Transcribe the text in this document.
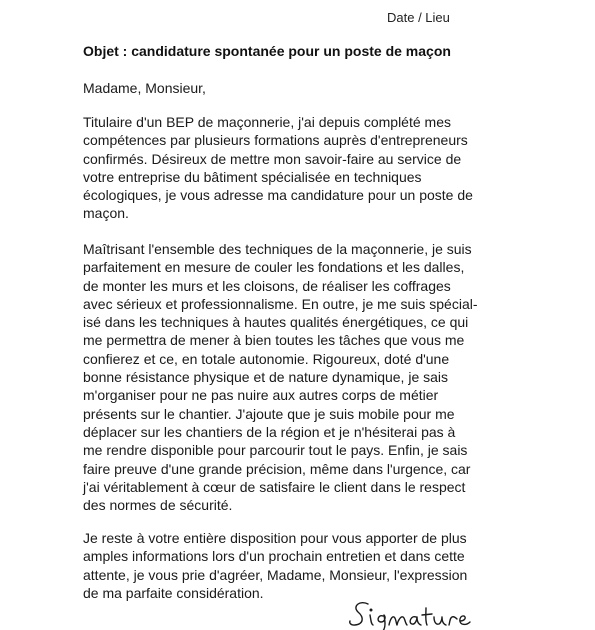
Date / Lieu
Objet : candidature spontanée pour un poste de maçon
Madame, Monsieur,

Titulaire d'un BEP de maçonnerie, j'ai depuis complété mes
compétences par plusieurs formations auprès d'entrepreneurs
confirmés. Désireux de mettre mon savoir-faire au service de
votre entreprise du bâtiment spécialisée en techniques
écologiques, je vous adresse ma candidature pour un poste de
maçon.

Maîtrisant l'ensemble des techniques de la maçonnerie, je suis
parfaitement en mesure de couler les fondations et les dalles,
de monter les murs et les cloisons, de réaliser les coffrages
avec sérieux et professionnalisme. En outre, je me suis spécial-
isé dans les techniques à hautes qualités énergétiques, ce qui
me permettra de mener à bien toutes les tâches que vous me
confierez et ce, en totale autonomie. Rigoureux, doté d'une
bonne résistance physique et de nature dynamique, je sais
m'organiser pour ne pas nuire aux autres corps de métier
présents sur le chantier. J'ajoute que je suis mobile pour me
déplacer sur les chantiers de la région et je n'hésiterai pas à
me rendre disponible pour parcourir tout le pays. Enfin, je sais
faire preuve d'une grande précision, même dans l'urgence, car
j'ai véritablement à cœur de satisfaire le client dans le respect
des normes de sécurité.

Je reste à votre entière disposition pour vous apporter de plus
amples informations lors d'un prochain entretien et dans cette
attente, je vous prie d'agréer, Madame, Monsieur, l'expression
de ma parfaite considération.
